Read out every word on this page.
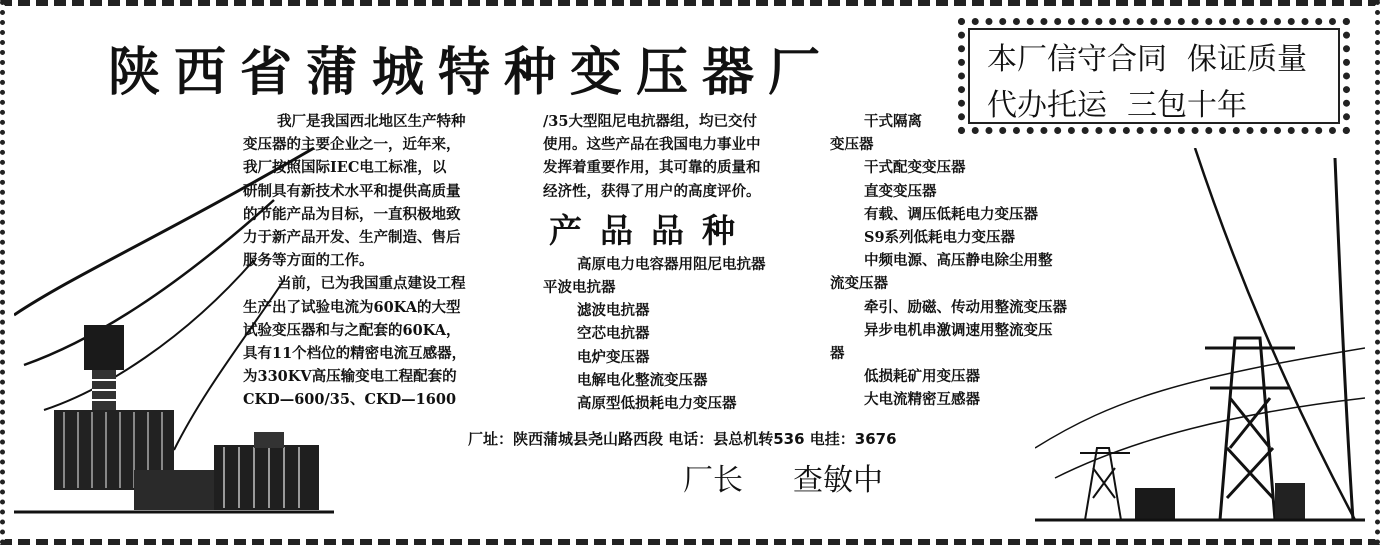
陕西省蒲城特种变压器厂	本厂信守合同 保证质量
代办托运 三包十年
我厂是我国西北地区生产特种
变压器的主要企业之一，近年来，
我厂按照国际IEC电工标准，以
研制具有新技术水平和提供高质量
的节能产品为目标，一直积极地致
力于新产品开发、生产制造、售后
服务等方面的工作。
当前，已为我国重点建设工程
生产出了试验电流为60KA的大型
试验变压器和与之配套的60KA，
具有11个档位的精密电流互感器，
为330KV高压输变电工程配套的
CKD—600/35、CKD—1600
/35大型阻尼电抗器组，均已交付
使用。这些产品在我国电力事业中
发挥着重要作用，其可靠的质量和
经济性，获得了用户的高度评价。
产品品种
高原电力电容器用阻尼电抗器
平波电抗器
滤波电抗器
空芯电抗器
电炉变压器
电解电化整流变压器
高原型低损耗电力变压器
干式隔离
变压器
干式配变变压器
直变变压器
有载、调压低耗电力变压器
S9系列低耗电力变压器
中频电源、高压静电除尘用整
流变压器
牵引、励磁、传动用整流变压器
异步电机串激调速用整流变压
器
低损耗矿用变压器
大电流精密互感器
厂址：陕西蒲城县尧山路西段 电话：县总机转536 电挂：3676
厂长 查敏中
